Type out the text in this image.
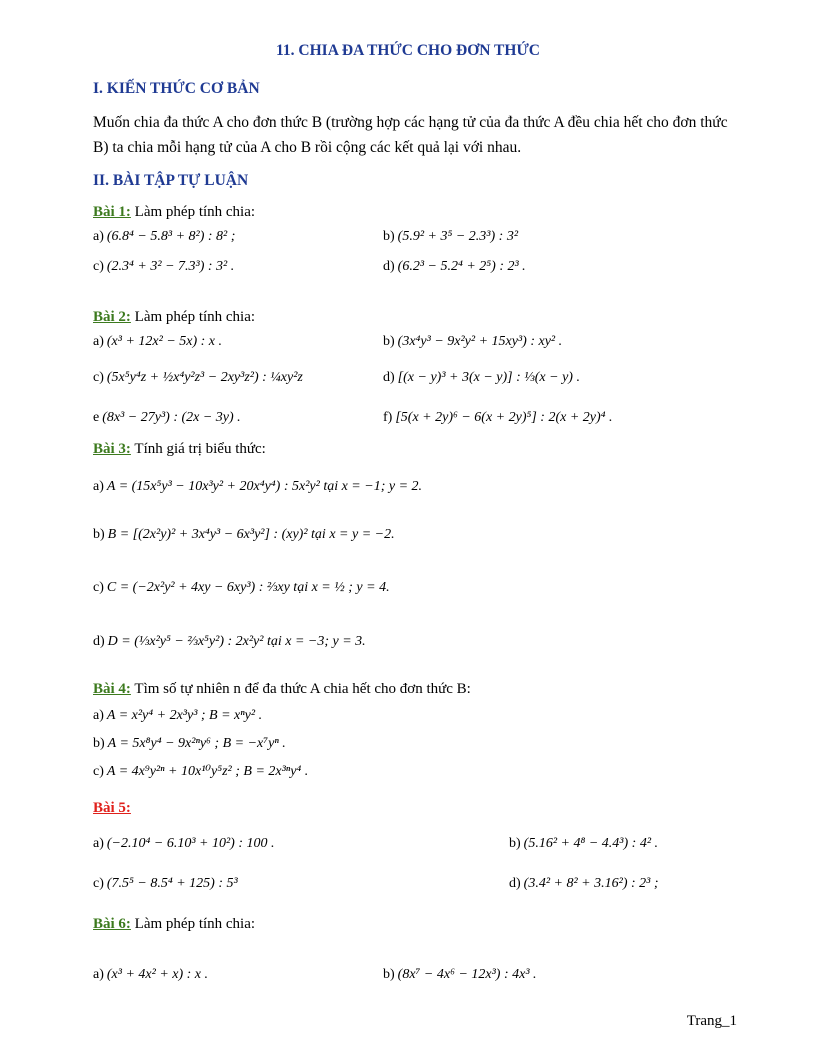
11. CHIA ĐA THỨC CHO ĐƠN THỨC
I. KIẾN THỨC CƠ BẢN
Muốn chia đa thức A cho đơn thức B (trường hợp các hạng tử của đa thức A đều chia hết cho đơn thức B) ta chia mỗi hạng tử của A cho B rồi cộng các kết quả lại với nhau.
II. BÀI TẬP TỰ LUẬN
Bài 1: Làm phép tính chia:
a) (6.8⁴ − 5.8³ + 8²) : 8² ;	b) (5.9² + 3⁵ − 2.3³) : 3²
c) (2.3⁴ + 3² − 7.3³) : 3² .	d) (6.2³ − 5.2⁴ + 2⁵) : 2³ .
Bài 2: Làm phép tính chia:
a) (x³ + 12x² − 5x) : x .	b) (3x⁴y³ − 9x²y² + 15xy³) : xy² .
c) (5x⁵y⁴z + ½x⁴y²z³ − 2xy³z²) : ¼xy²z	d) [(x − y)³ + 3(x − y)] : ⅓(x − y) .
e (8x³ − 27y³) : (2x − 3y) .	f) [5(x + 2y)⁶ − 6(x + 2y)⁵] : 2(x + 2y)⁴ .
Bài 3: Tính giá trị biểu thức:
a) A = (15x⁵y³ − 10x³y² + 20x⁴y⁴) : 5x²y² tại x = −1; y = 2.
b) B = [(2x²y)² + 3x⁴y³ − 6x³y²] : (xy)² tại x = y = −2.
c) C = (−2x²y² + 4xy − 6xy³) : ⅔xy tại x = ½ ; y = 4.
d) D = (⅓x²y⁵ − ⅔x⁵y²) : 2x²y² tại x = −3; y = 3.
Bài 4: Tìm số tự nhiên n để đa thức A chia hết cho đơn thức B:
a) A = x²y⁴ + 2x³y³ ; B = xⁿy² .
b) A = 5x⁸y⁴ − 9x²ⁿy⁶ ; B = −x⁷yⁿ .
c) A = 4x⁹y²ⁿ + 10x¹⁰y⁵z² ; B = 2x³ⁿy⁴ .
Bài 5:
a) (−2.10⁴ − 6.10³ + 10²) : 100 .	b) (5.16² + 4⁸ − 4.4³) : 4² .
c) (7.5⁵ − 8.5⁴ + 125) : 5³	d) (3.4² + 8² + 3.16²) : 2³ ;
Bài 6: Làm phép tính chia:
a) (x³ + 4x² + x) : x .	b) (8x⁷ − 4x⁶ − 12x³) : 4x³ .
Trang_1
